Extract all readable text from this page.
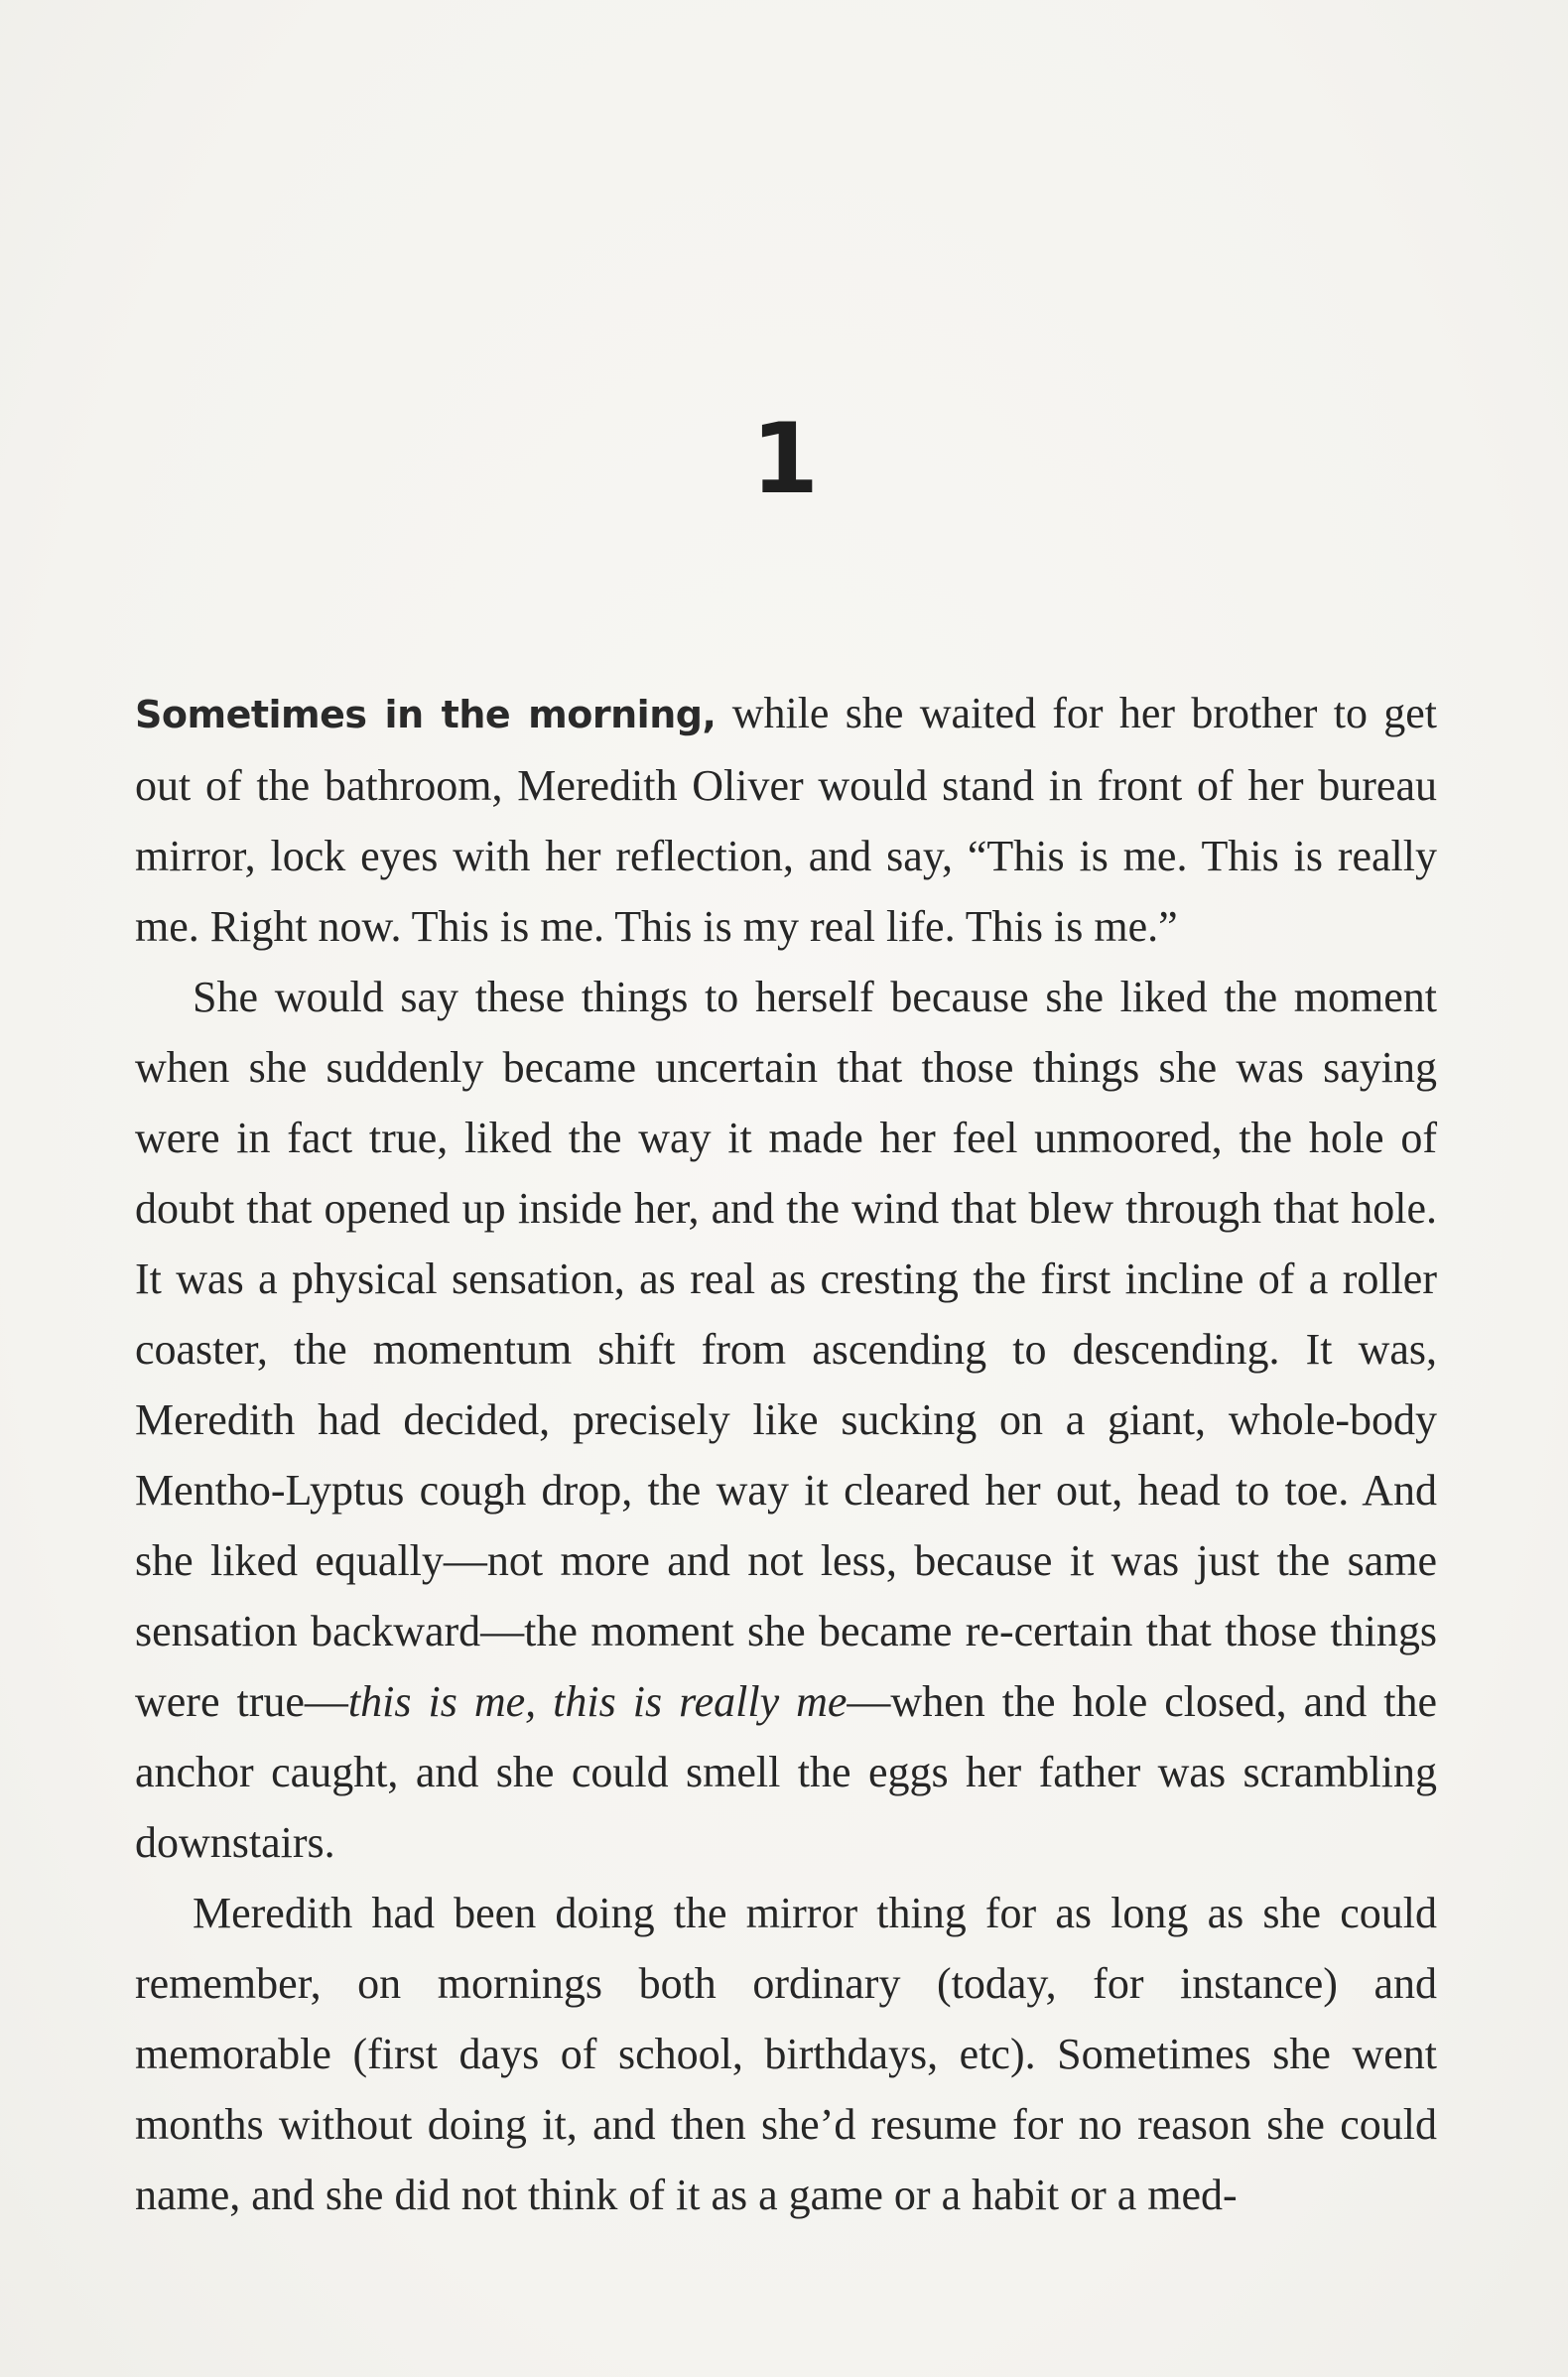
1

Sometimes in the morning, while she waited for her brother to get out of the bathroom, Meredith Oliver would stand in front of her bureau mirror, lock eyes with her reflection, and say, “This is me. This is really me. Right now. This is me. This is my real life. This is me.”

She would say these things to herself because she liked the moment when she suddenly became uncertain that those things she was saying were in fact true, liked the way it made her feel unmoored, the hole of doubt that opened up inside her, and the wind that blew through that hole. It was a physical sensation, as real as cresting the first incline of a roller coaster, the momentum shift from ascending to descending. It was, Meredith had decided, precisely like sucking on a giant, whole-body Mentho-Lyptus cough drop, the way it cleared her out, head to toe. And she liked equally—not more and not less, because it was just the same sensation backward—the moment she became re-certain that those things were true—this is me, this is really me—when the hole closed, and the anchor caught, and she could smell the eggs her father was scrambling downstairs.

Meredith had been doing the mirror thing for as long as she could remember, on mornings both ordinary (today, for instance) and memorable (first days of school, birthdays, etc). Sometimes she went months without doing it, and then she’d resume for no reason she could name, and she did not think of it as a game or a habit or a med-
